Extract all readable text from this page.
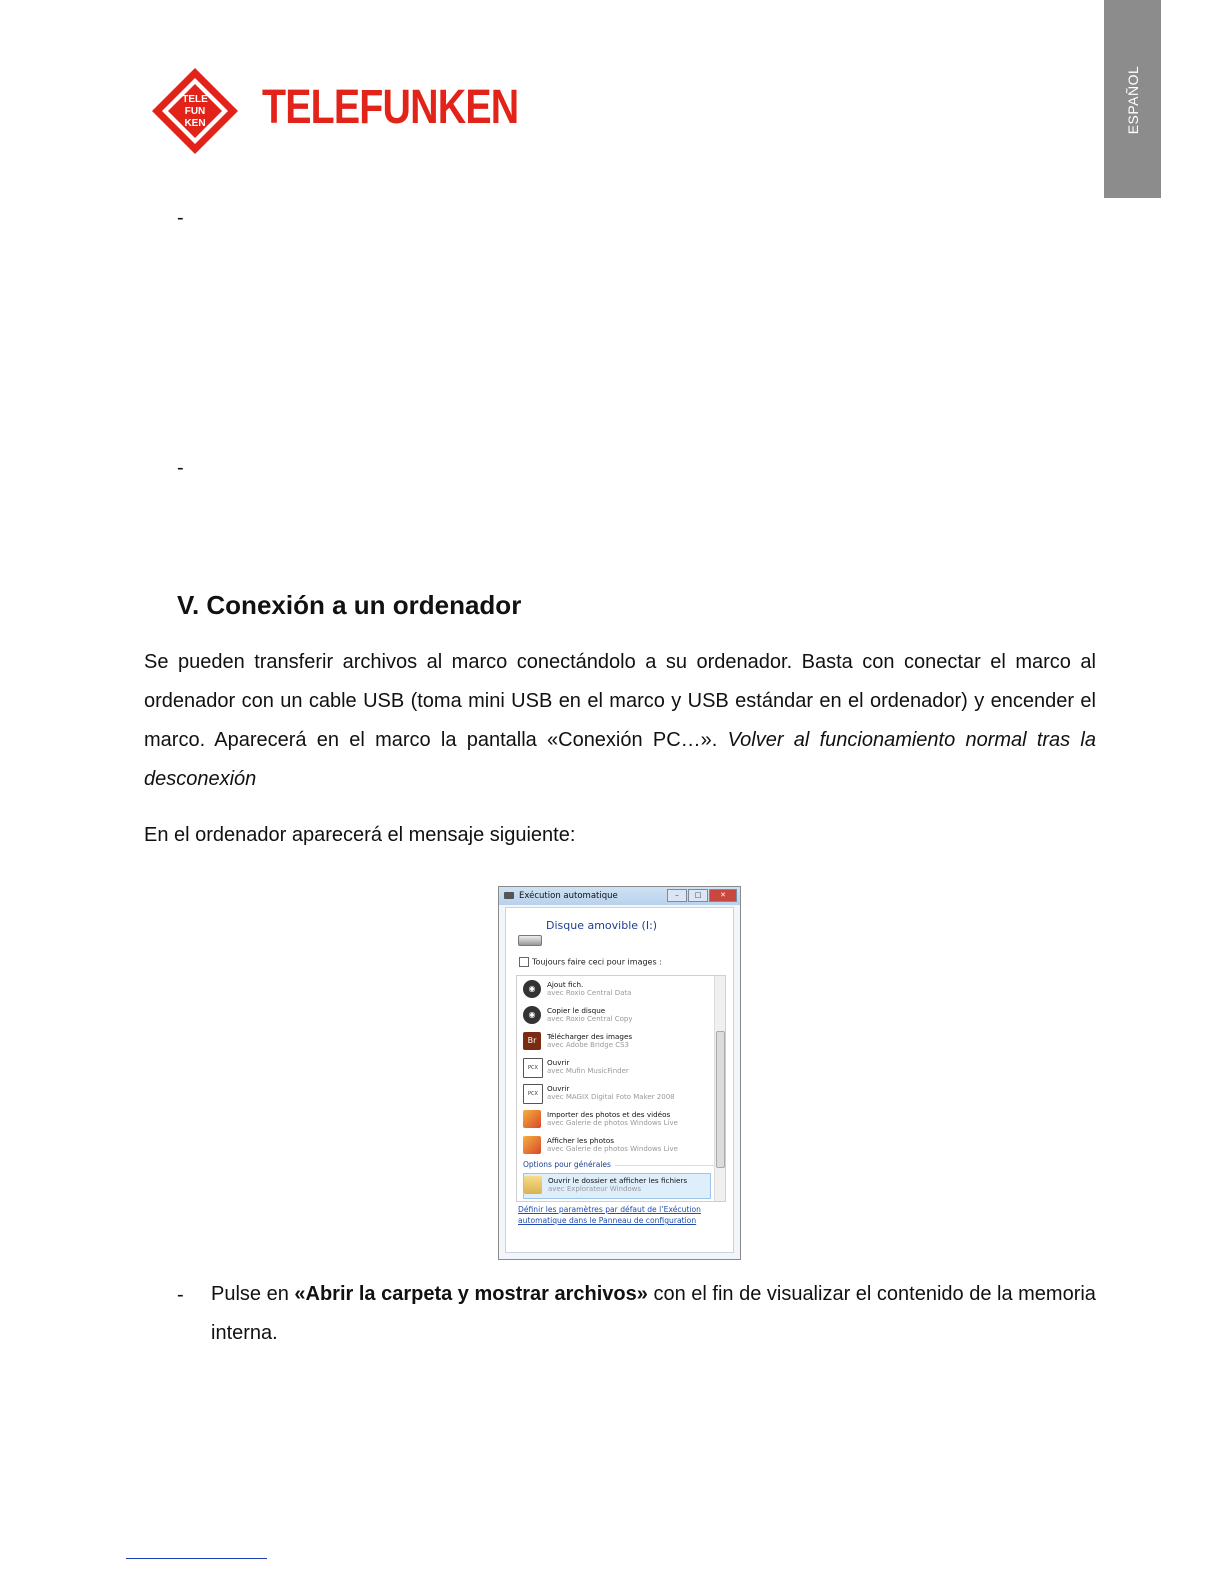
ESPAÑOL
TELE
FUN
KEN TELEFUNKEN
-
-
V. Conexión a un ordenador

Se pueden transferir archivos al marco conectándolo a su ordenador. Basta con conectar el marco al ordenador con un cable USB (toma mini USB en el marco y USB estándar en el ordenador) y encender el marco. Aparecerá en el marco la pantalla «Conexión PC…». Volver al funcionamiento normal tras la desconexión

En el ordenador aparecerá el mensaje siguiente:

Exécution automatique	–	□	✕
Disque amovible (I:)
Toujours faire ceci pour images :
◉	Ajout fich.
avec Roxio Central Data
◉	Copier le disque
avec Roxio Central Copy
Br	Télécharger des images
avec Adobe Bridge CS3
PCX
Ouvrir
avec Mufin MusicFinder
PCX
Ouvrir
avec MAGIX Digital Foto Maker 2008
Importer des photos et des vidéos
avec Galerie de photos Windows Live
Afficher les photos
avec Galerie de photos Windows Live
Options pour générales
Ouvrir le dossier et afficher les fichiers
avec Explorateur Windows
Définir les paramètres par défaut de l’Exécution automatique dans le Panneau de configuration
- Pulse en «Abrir la carpeta y mostrar archivos» con el fin de visualizar el contenido de la memoria interna.
